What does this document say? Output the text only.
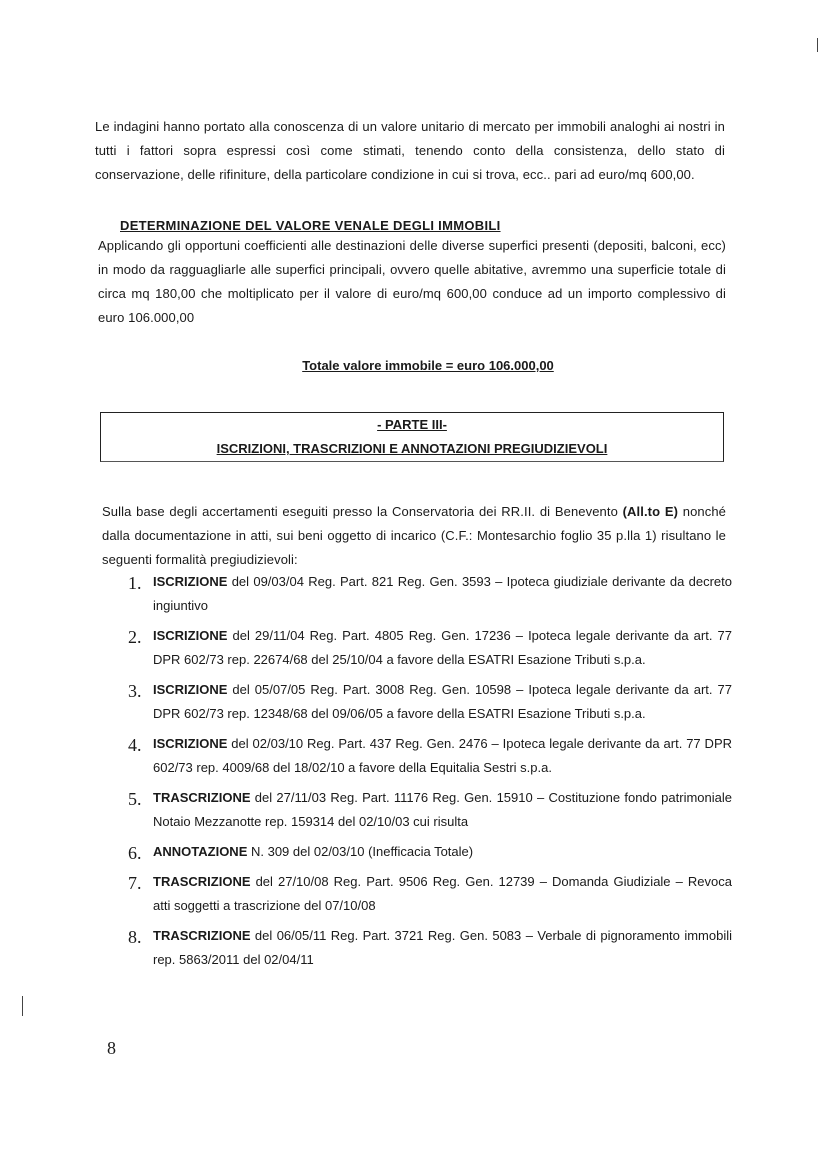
Le indagini hanno portato alla conoscenza di un valore unitario di mercato per immobili analoghi ai nostri in tutti i fattori sopra espressi così come stimati, tenendo conto della consistenza, dello stato di conservazione, delle rifiniture, della particolare condizione in cui si trova, ecc.. pari ad euro/mq 600,00.
DETERMINAZIONE DEL VALORE VENALE DEGLI IMMOBILI
Applicando gli opportuni coefficienti alle destinazioni delle diverse superfici presenti (depositi, balconi, ecc) in modo da ragguagliarle alle superfici principali, ovvero quelle abitative, avremmo una superficie totale di circa mq 180,00 che moltiplicato per il valore di euro/mq 600,00 conduce ad un importo complessivo di euro 106.000,00
Totale valore immobile = euro 106.000,00
- PARTE III-
ISCRIZIONI, TRASCRIZIONI E ANNOTAZIONI PREGIUDIZIEVOLI
Sulla base degli accertamenti eseguiti presso la Conservatoria dei RR.II. di Benevento (All.to E) nonché dalla documentazione in atti, sui beni oggetto di incarico (C.F.: Montesarchio foglio 35 p.lla 1) risultano le seguenti formalità pregiudizievoli:
1. ISCRIZIONE del 09/03/04 Reg. Part. 821 Reg. Gen. 3593 – Ipoteca giudiziale derivante da decreto ingiuntivo
2. ISCRIZIONE del 29/11/04 Reg. Part. 4805 Reg. Gen. 17236 – Ipoteca legale derivante da art. 77 DPR 602/73 rep. 22674/68 del 25/10/04 a favore della ESATRI Esazione Tributi s.p.a.
3. ISCRIZIONE del 05/07/05 Reg. Part. 3008 Reg. Gen. 10598 – Ipoteca legale derivante da art. 77 DPR 602/73 rep. 12348/68 del 09/06/05 a favore della ESATRI Esazione Tributi s.p.a.
4. ISCRIZIONE del 02/03/10 Reg. Part. 437 Reg. Gen. 2476 – Ipoteca legale derivante da art. 77 DPR 602/73 rep. 4009/68 del 18/02/10 a favore della Equitalia Sestri s.p.a.
5. TRASCRIZIONE del 27/11/03 Reg. Part. 11176 Reg. Gen. 15910 – Costituzione fondo patrimoniale Notaio Mezzanotte rep. 159314 del 02/10/03 cui risulta
6. ANNOTAZIONE N. 309 del 02/03/10 (Inefficacia Totale)
7. TRASCRIZIONE del 27/10/08 Reg. Part. 9506 Reg. Gen. 12739 – Domanda Giudiziale – Revoca atti soggetti a trascrizione del 07/10/08
8. TRASCRIZIONE del 06/05/11 Reg. Part. 3721 Reg. Gen. 5083 – Verbale di pignoramento immobili rep. 5863/2011 del 02/04/11
8
